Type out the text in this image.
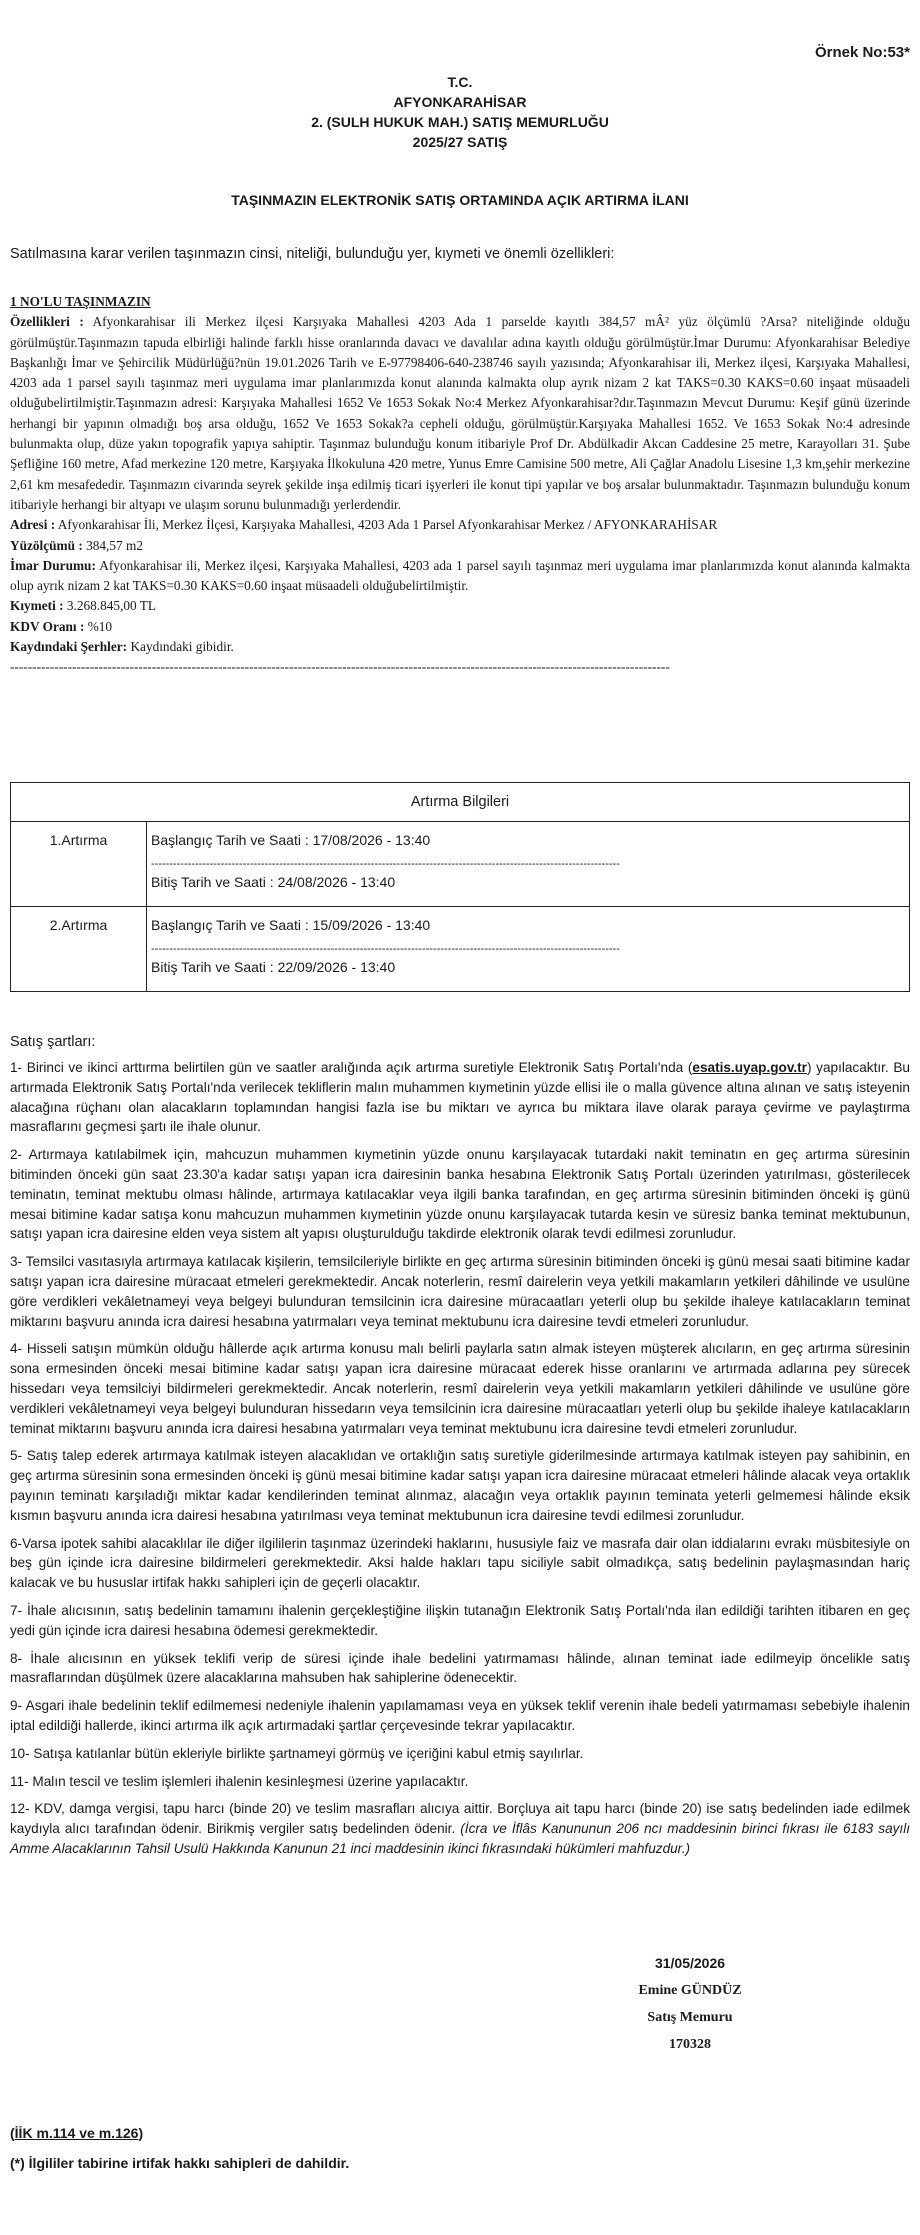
Örnek No:53*
T.C.
AFYONKARAHİSAR
2. (SULH HUKUK MAH.) SATIŞ MEMURLUĞU
2025/27 SATIŞ
TAŞINMAZIN ELEKTRONİK SATIŞ ORTAMINDA AÇIK ARTIRMA İLANI
Satılmasına karar verilen taşınmazın cinsi, niteliği, bulunduğu yer, kıymeti ve önemli özellikleri:

1 NO'LU TAŞINMAZIN

Özellikleri : Afyonkarahisar ili Merkez ilçesi Karşıyaka Mahallesi 4203 Ada 1 parselde kayıtlı 384,57 mÂ² yüz ölçümlü ?Arsa? niteliğinde olduğu görülmüştür.Taşınmazın tapuda elbirliği halinde farklı hisse oranlarında davacı ve davalılar adına kayıtlı olduğu görülmüştür.İmar Durumu: Afyonkarahisar Belediye Başkanlığı İmar ve Şehircilik Müdürlüğü?nün 19.01.2026 Tarih ve E-97798406-640-238746 sayılı yazısında; Afyonkarahisar ili, Merkez ilçesi, Karşıyaka Mahallesi, 4203 ada 1 parsel sayılı taşınmaz meri uygulama imar planlarımızda konut alanında kalmakta olup ayrık nizam 2 kat TAKS=0.30 KAKS=0.60 inşaat müsaadeli olduğubelirtilmiştir.Taşınmazın adresi: Karşıyaka Mahallesi 1652 Ve 1653 Sokak No:4 Merkez Afyonkarahisar?dır.Taşınmazın Mevcut Durumu: Keşif günü üzerinde herhangi bir yapının olmadığı boş arsa olduğu, 1652 Ve 1653 Sokak?a cepheli olduğu, görülmüştür.Karşıyaka Mahallesi 1652. Ve 1653 Sokak No:4 adresinde bulunmakta olup, düze yakın topografik yapıya sahiptir. Taşınmaz bulunduğu konum itibariyle Prof Dr. Abdülkadir Akcan Caddesine 25 metre, Karayolları 31. Şube Şefliğine 160 metre, Afad merkezine 120 metre, Karşıyaka İlkokuluna 420 metre, Yunus Emre Camisine 500 metre, Ali Çağlar Anadolu Lisesine 1,3 km,şehir merkezine 2,61 km mesafededir. Taşınmazın civarında seyrek şekilde inşa edilmiş ticari işyerleri ile konut tipi yapılar ve boş arsalar bulunmaktadır. Taşınmazın bulunduğu konum itibariyle herhangi bir altyapı ve ulaşım sorunu bulunmadığı yerlerdendir.

Adresi : Afyonkarahisar İli, Merkez İlçesi, Karşıyaka Mahallesi, 4203 Ada 1 Parsel Afyonkarahisar Merkez / AFYONKARAHİSAR

Yüzölçümü : 384,57 m2

İmar Durumu: Afyonkarahisar ili, Merkez ilçesi, Karşıyaka Mahallesi, 4203 ada 1 parsel sayılı taşınmaz meri uygulama imar planlarımızda konut alanında kalmakta olup ayrık nizam 2 kat TAKS=0.30 KAKS=0.60 inşaat müsaadeli olduğubelirtilmiştir.

Kıymeti : 3.268.845,00 TL

KDV Oranı : %10

Kaydındaki Şerhler: Kaydındaki gibidir.

-----------------------------------------------------------------------------------------------------------------------------------------------------

Artırma Bilgileri	
1.Artırma	Başlangıç Tarih ve Saati : 17/08/2026 - 13:40

--------------------------------------------------------------------------------------------------------------------------------

Bitiş Tarih ve Saati : 24/08/2026 - 13:40

2.Artırma	Başlangıç Tarih ve Saati : 15/09/2026 - 13:40

--------------------------------------------------------------------------------------------------------------------------------

Bitiş Tarih ve Saati : 22/09/2026 - 13:40

Satış şartları:

1- Birinci ve ikinci arttırma belirtilen gün ve saatler aralığında açık artırma suretiyle Elektronik Satış Portalı'nda (esatis.uyap.gov.tr) yapılacaktır. Bu artırmada Elektronik Satış Portalı'nda verilecek tekliflerin malın muhammen kıymetinin yüzde ellisi ile o malla güvence altına alınan ve satış isteyenin alacağına rüçhanı olan alacakların toplamından hangisi fazla ise bu miktarı ve ayrıca bu miktara ilave olarak paraya çevirme ve paylaştırma masraflarını geçmesi şartı ile ihale olunur.

2- Artırmaya katılabilmek için, mahcuzun muhammen kıymetinin yüzde onunu karşılayacak tutardaki nakit teminatın en geç artırma süresinin bitiminden önceki gün saat 23.30'a kadar satışı yapan icra dairesinin banka hesabına Elektronik Satış Portalı üzerinden yatırılması, gösterilecek teminatın, teminat mektubu olması hâlinde, artırmaya katılacaklar veya ilgili banka tarafından, en geç artırma süresinin bitiminden önceki iş günü mesai bitimine kadar satışa konu mahcuzun muhammen kıymetinin yüzde onunu karşılayacak tutarda kesin ve süresiz banka teminat mektubunun, satışı yapan icra dairesine elden veya sistem alt yapısı oluşturulduğu takdirde elektronik olarak tevdi edilmesi zorunludur.

3- Temsilci vasıtasıyla artırmaya katılacak kişilerin, temsilcileriyle birlikte en geç artırma süresinin bitiminden önceki iş günü mesai saati bitimine kadar satışı yapan icra dairesine müracaat etmeleri gerekmektedir. Ancak noterlerin, resmî dairelerin veya yetkili makamların yetkileri dâhilinde ve usulüne göre verdikleri vekâletnameyi veya belgeyi bulunduran temsilcinin icra dairesine müracaatları yeterli olup bu şekilde ihaleye katılacakların teminat miktarını başvuru anında icra dairesi hesabına yatırmaları veya teminat mektubunu icra dairesine tevdi etmeleri zorunludur.

4- Hisseli satışın mümkün olduğu hâllerde açık artırma konusu malı belirli paylarla satın almak isteyen müşterek alıcıların, en geç artırma süresinin sona ermesinden önceki mesai bitimine kadar satışı yapan icra dairesine müracaat ederek hisse oranlarını ve artırmada adlarına pey sürecek hissedarı veya temsilciyi bildirmeleri gerekmektedir. Ancak noterlerin, resmî dairelerin veya yetkili makamların yetkileri dâhilinde ve usulüne göre verdikleri vekâletnameyi veya belgeyi bulunduran hissedarın veya temsilcinin icra dairesine müracaatları yeterli olup bu şekilde ihaleye katılacakların teminat miktarını başvuru anında icra dairesi hesabına yatırmaları veya teminat mektubunu icra dairesine tevdi etmeleri zorunludur.

5- Satış talep ederek artırmaya katılmak isteyen alacaklıdan ve ortaklığın satış suretiyle giderilmesinde artırmaya katılmak isteyen pay sahibinin, en geç artırma süresinin sona ermesinden önceki iş günü mesai bitimine kadar satışı yapan icra dairesine müracaat etmeleri hâlinde alacak veya ortaklık payının teminatı karşıladığı miktar kadar kendilerinden teminat alınmaz, alacağın veya ortaklık payının teminata yeterli gelmemesi hâlinde eksik kısmın başvuru anında icra dairesi hesabına yatırılması veya teminat mektubunun icra dairesine tevdi edilmesi zorunludur.

6-Varsa ipotek sahibi alacaklılar ile diğer ilgililerin taşınmaz üzerindeki haklarını, hususiyle faiz ve masrafa dair olan iddialarını evrakı müsbitesiyle on beş gün içinde icra dairesine bildirmeleri gerekmektedir. Aksi halde hakları tapu siciliyle sabit olmadıkça, satış bedelinin paylaşmasından hariç kalacak ve bu hususlar irtifak hakkı sahipleri için de geçerli olacaktır.

7- İhale alıcısının, satış bedelinin tamamını ihalenin gerçekleştiğine ilişkin tutanağın Elektronik Satış Portalı'nda ilan edildiği tarihten itibaren en geç yedi gün içinde icra dairesi hesabına ödemesi gerekmektedir.

8- İhale alıcısının en yüksek teklifi verip de süresi içinde ihale bedelini yatırmaması hâlinde, alınan teminat iade edilmeyip öncelikle satış masraflarından düşülmek üzere alacaklarına mahsuben hak sahiplerine ödenecektir.

9- Asgari ihale bedelinin teklif edilmemesi nedeniyle ihalenin yapılamaması veya en yüksek teklif verenin ihale bedeli yatırmaması sebebiyle ihalenin iptal edildiği hallerde, ikinci artırma ilk açık artırmadaki şartlar çerçevesinde tekrar yapılacaktır.

10- Satışa katılanlar bütün ekleriyle birlikte şartnameyi görmüş ve içeriğini kabul etmiş sayılırlar.

11- Malın tescil ve teslim işlemleri ihalenin kesinleşmesi üzerine yapılacaktır.

12- KDV, damga vergisi, tapu harcı (binde 20) ve teslim masrafları alıcıya aittir. Borçluya ait tapu harcı (binde 20) ise satış bedelinden iade edilmek kaydıyla alıcı tarafından ödenir. Birikmiş vergiler satış bedelinden ödenir. (İcra ve İflâs Kanununun 206 ncı maddesinin birinci fıkrası ile 6183 sayılı Amme Alacaklarının Tahsil Usulü Hakkında Kanunun 21 inci maddesinin ikinci fıkrasındaki hükümleri mahfuzdur.)

31/05/2026
Emine GÜNDÜZ
Satış Memuru
170328
(İİK m.114 ve m.126)
(*) İlgililer tabirine irtifak hakkı sahipleri de dahildir.
